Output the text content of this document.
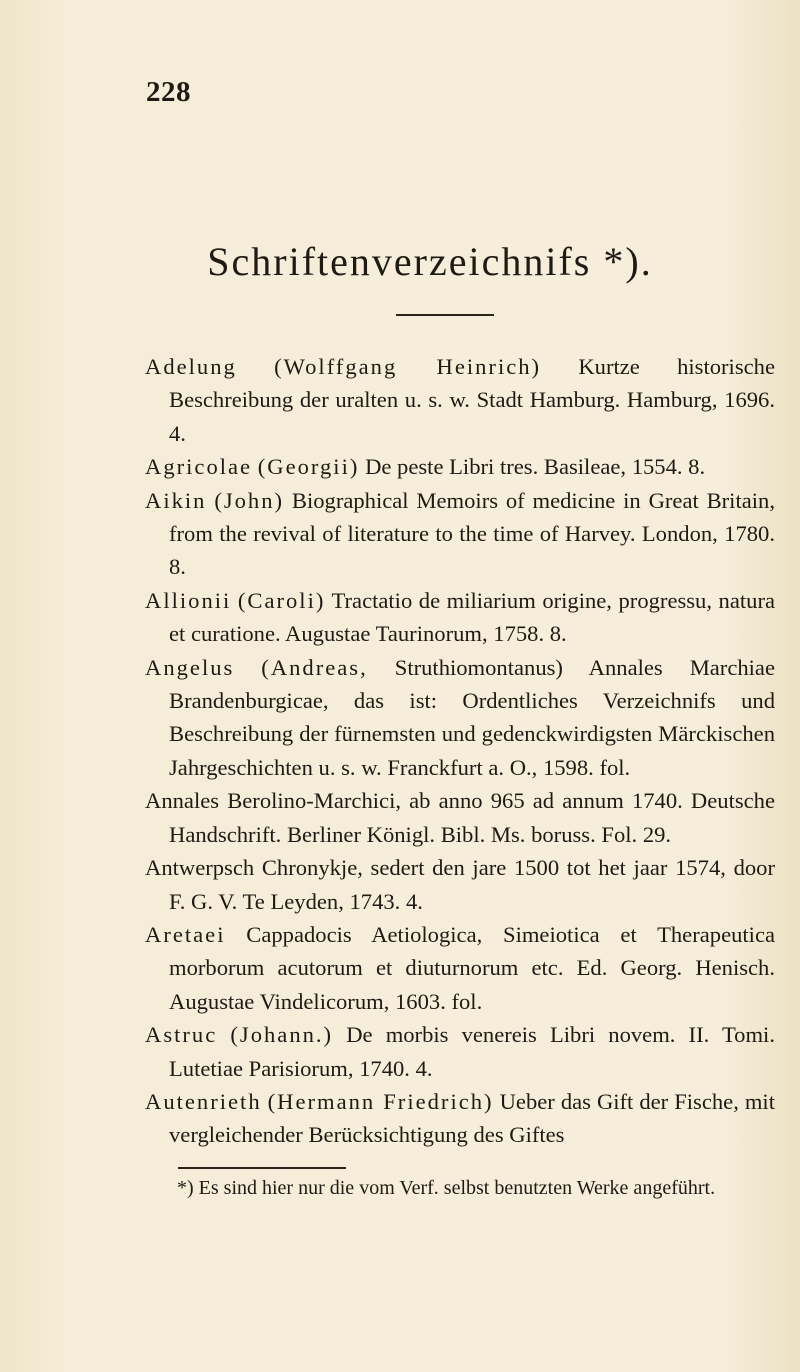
228
Schriftenverzeichnifs *).
Adelung (Wolffgang Heinrich) Kurtze historische Beschreibung der uralten u. s. w. Stadt Hamburg. Hamburg, 1696. 4.
Agricolae (Georgii) De peste Libri tres. Basileae, 1554. 8.
Aikin (John) Biographical Memoirs of medicine in Great Britain, from the revival of literature to the time of Harvey. London, 1780. 8.
Allionii (Caroli) Tractatio de miliarium origine, progressu, natura et curatione. Augustae Taurinorum, 1758. 8.
Angelus (Andreas, Struthiomontanus) Annales Marchiae Brandenburgicae, das ist: Ordentliches Verzeichnifs und Beschreibung der fürnemsten und gedenckwirdigsten Märckischen Jahrgeschichten u. s. w. Franckfurt a. O., 1598. fol.
Annales Berolino-Marchici, ab anno 965 ad annum 1740. Deutsche Handschrift. Berliner Königl. Bibl. Ms. boruss. Fol. 29.
Antwerpsch Chronykje, sedert den jare 1500 tot het jaar 1574, door F. G. V. Te Leyden, 1743. 4.
Aretaei Cappadocis Aetiologica, Simeiotica et Therapeutica morborum acutorum et diuturnorum etc. Ed. Georg. Henisch. Augustae Vindelicorum, 1603. fol.
Astruc (Johann.) De morbis venereis Libri novem. II. Tomi. Lutetiae Parisiorum, 1740. 4.
Autenrieth (Hermann Friedrich) Ueber das Gift der Fische, mit vergleichender Berücksichtigung des Giftes
*) Es sind hier nur die vom Verf. selbst benutzten Werke angeführt.
